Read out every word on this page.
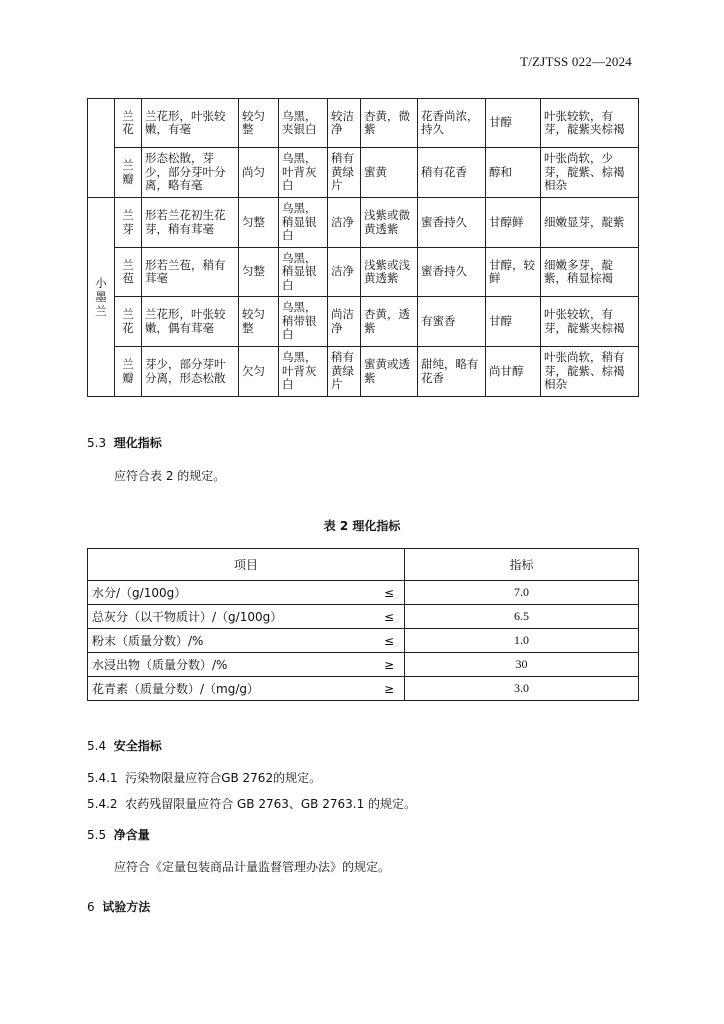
T/ZJTSS 022—2024
	兰花	兰花形，叶张较嫩，有毫	较匀整	乌黑，夹银白	较洁净	杏黄，微紫	花香尚浓，持久	甘醇	叶张较软，有芽，靛紫夹棕褐
	兰瓣	形态松散，芽少，部分芽叶分离，略有毫	尚匀	乌黑，叶背灰白	稍有黄绿片	蜜黄	稍有花香	醇和	叶张尚软，少芽，靛紫、棕褐相杂
小墨兰	兰芽	形若兰花初生花芽，稍有茸毫	匀整	乌黑，稍显银白	洁净	浅紫或微黄透紫	蜜香持久	甘醇鲜	细嫩显芽，靛紫
	兰苞	形若兰苞，稍有茸毫	匀整	乌黑，稍显银白	洁净	浅紫或浅黄透紫	蜜香持久	甘醇，较鲜	细嫩多芽，靛紫，稍显棕褐
	兰花	兰花形，叶张较嫩，偶有茸毫	较匀整	乌黑，稍带银白	尚洁净	杏黄，透紫	有蜜香	甘醇	叶张较软，有芽，靛紫夹棕褐
	兰瓣	芽少，部分芽叶分离，形态松散	欠匀	乌黑，叶背灰白	稍有黄绿片	蜜黄或透紫	甜纯，略有花香	尚甘醇	叶张尚软，稍有芽，靛紫、棕褐相杂
5.3 理化指标
应符合表 2 的规定。
表 2 理化指标
项目		指标
水分/（g/100g）	≤	7.0
总灰分（以干物质计）/（g/100g）	≤	6.5
粉末（质量分数）/%	≤	1.0
水浸出物（质量分数）/%	≥	30
花青素（质量分数）/（mg/g）	≥	3.0
5.4 安全指标
5.4.1 污染物限量应符合GB 2762的规定。
5.4.2 农药残留限量应符合 GB 2763、GB 2763.1 的规定。
5.5 净含量
应符合《定量包装商品计量监督管理办法》的规定。
6 试验方法
